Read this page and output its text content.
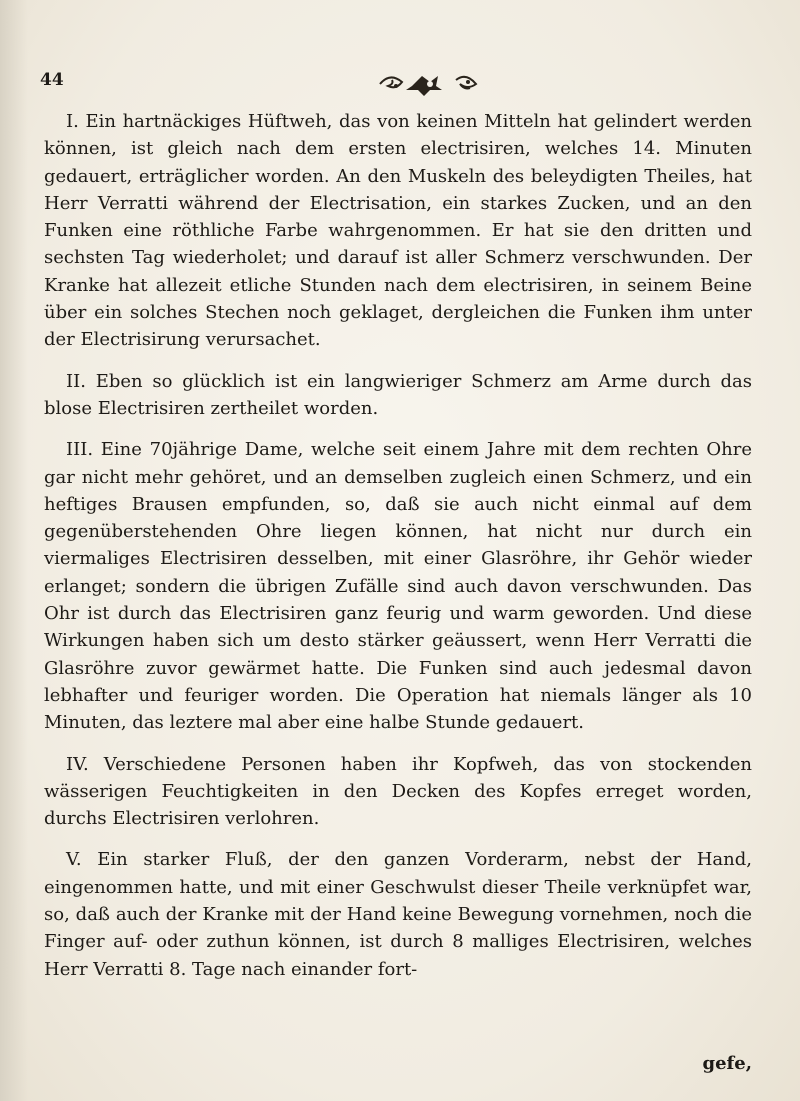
44

I. Ein hartnäckiges Hüftweh, das von keinen Mitteln hat gelindert werden können, ist gleich nach dem ersten electrisiren, welches 14. Minuten gedauert, erträglicher worden. An den Muskeln des beleydigten Theiles, hat Herr Verratti während der Electrisation, ein starkes Zucken, und an den Funken eine röthliche Farbe wahrgenommen. Er hat sie den dritten und sechsten Tag wiederholet; und darauf ist aller Schmerz verschwunden. Der Kranke hat allezeit etliche Stunden nach dem electrisiren, in seinem Beine über ein solches Stechen noch geklaget, dergleichen die Funken ihm unter der Electrisirung verursachet.

II. Eben so glücklich ist ein langwieriger Schmerz am Arme durch das blose Electrisiren zertheilet worden.

III. Eine 70jährige Dame, welche seit einem Jahre mit dem rechten Ohre gar nicht mehr gehöret, und an demselben zugleich einen Schmerz, und ein heftiges Brausen empfunden, so, daß sie auch nicht einmal auf dem gegenüberstehenden Ohre liegen können, hat nicht nur durch ein viermaliges Electrisiren desselben, mit einer Glasröhre, ihr Gehör wieder erlanget; sondern die übrigen Zufälle sind auch davon verschwunden. Das Ohr ist durch das Electrisiren ganz feurig und warm geworden. Und diese Wirkungen haben sich um desto stärker geäussert, wenn Herr Verratti die Glasröhre zuvor gewärmet hatte. Die Funken sind auch jedesmal davon lebhafter und feuriger worden. Die Operation hat niemals länger als 10 Minuten, das leztere mal aber eine halbe Stunde gedauert.

IV. Verschiedene Personen haben ihr Kopfweh, das von stockenden wässerigen Feuchtigkeiten in den Decken des Kopfes erreget worden, durchs Electrisiren verlohren.

V. Ein starker Fluß, der den ganzen Vorderarm, nebst der Hand, eingenommen hatte, und mit einer Geschwulst dieser Theile verknüpfet war, so, daß auch der Kranke mit der Hand keine Bewegung vornehmen, noch die Finger auf- oder zuthun können, ist durch 8 malliges Electrisiren, welches Herr Verratti 8. Tage nach einander fort-

gefe,
